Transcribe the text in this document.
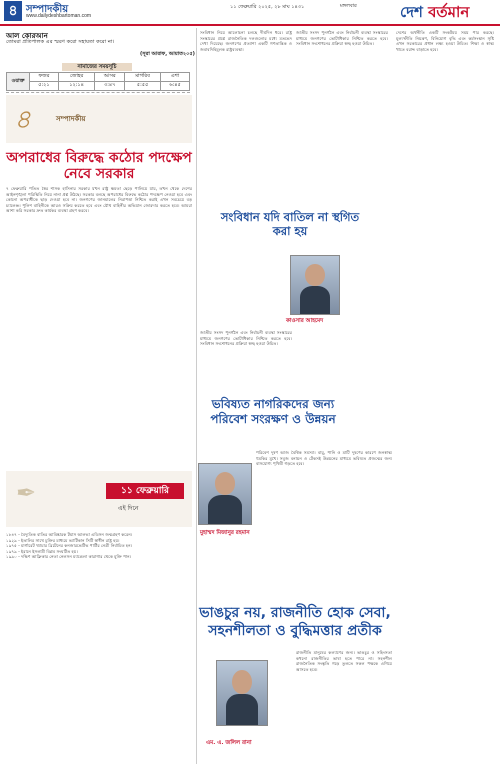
৪ সম্পাদকীয়
www.dailydeshbartoman.com
১১ ফেব্রুয়ারি ২০২৫, ২৮ মাঘ ১৪৩১	মঙ্গলবার	দেশ বর্তমান
আল কোরআন
তোমরা প্রতিপালক এর স্মরণ করো সহায়তা করো না।
(সূরা আরাফ, আয়াত২০৫)
নামাজের সময়সূচি
ওয়াক্ত	ফজর	জোহর	আসর	মাগরিব	এশা
	৫:২১	১২:১৪	৩:৪৭	৫:৫৫	৬:৪৫
৪	সম্পাদকীয়
অপরাধের বিরুদ্ধে কঠোর পদক্ষেপ নেবে সরকার
৭ ফেব্রুয়ারি পতিত স্বৈর শাসক হাসিনার সরকার যখন রাষ্ট্র ক্ষমতা ছেড়ে পালিয়ে যায়, তখন থেকে দেশের আইনশৃঙ্খলা পরিস্থিতি নিয়ে নানা প্রশ্ন উঠছে। সরকার বলছে অপরাধের বিরুদ্ধে কঠোর পদক্ষেপ নেওয়া হবে এবং কোনো অপরাধীকে ছাড় দেওয়া হবে না। জনগণের জানমালের নিরাপত্তা নিশ্চিত করাই এখন সবচেয়ে বড় চ্যালেঞ্জ। পুলিশ বাহিনীকে আরও সক্রিয় করতে হবে এবং যৌথ বাহিনীর অভিযান জোরদার করতে হবে। আমরা আশা করি সরকার দ্রুত কার্যকর ব্যবস্থা গ্রহণ করবে।
✒	১১ ফেব্রুয়ারি
এই দিনে
১৮৪৭ - বৈদ্যুতিক বাতির আবিষ্কারক টমাস আলভা এডিসন জন্মগ্রহণ করেন।
১৯২৯ - ইতালির সাথে চুক্তির মাধ্যমে ভ্যাটিকান সিটি স্বাধীন রাষ্ট্র হয়।
১৯৭৫ - মার্গারেট থ্যাচার ব্রিটেনের কনজারভেটিভ পার্টির নেত্রী নির্বাচিত হন।
১৯৭৯ - ইরানে ইসলামী বিপ্লব সংঘটিত হয়।
১৯৯০ - দক্ষিণ আফ্রিকার নেতা নেলসন ম্যান্ডেলা কারাগার থেকে মুক্তি পান।
সংবিধান নিয়ে আলোচনা চলছে দীর্ঘদিন ধরে। রাষ্ট্র সংস্কারের প্রশ্নে রাজনৈতিক দলগুলোর মধ্যে মতভেদ দেখা দিয়েছে। জনগণের প্রত্যাশা একটি গণতান্ত্রিক ও জবাবদিহিমূলক রাষ্ট্রব্যবস্থা।
জাতীয় সংসদ পুনর্গঠন এবং নির্বাচনী ব্যবস্থা সংস্কারের মাধ্যমে জনগণের ভোটাধিকার নিশ্চিত করতে হবে। সংবিধান সংশোধনের প্রক্রিয়া স্বচ্ছ হওয়া উচিত।
সংবিধান যদি বাতিল না স্থগিত করা হয়
কাওসার আহমেদ
জাতীয় সংসদ পুনর্গঠন এবং নির্বাচনী ব্যবস্থা সংস্কারের মাধ্যমে জনগণের ভোটাধিকার নিশ্চিত করতে হবে। সংবিধান সংশোধনের প্রক্রিয়া স্বচ্ছ হওয়া উচিত।
ভবিষ্যত নাগরিকদের জন্য পরিবেশ সংরক্ষণ ও উন্নয়ন
মুহাম্মদ মিজানুর রহমান
পরিবেশ দূষণ আজ বৈশ্বিক সমস্যা। বায়ু, পানি ও মাটি দূষণের কারণে জনস্বাস্থ্য হুমকির মুখে। সবুজ বনায়ন ও টেকসই উন্নয়নের মাধ্যমে ভবিষ্যত প্রজন্মের জন্য বাসযোগ্য পৃথিবী গড়তে হবে।
ভাঙচুর নয়, রাজনীতি হোক সেবা, সহনশীলতা ও বুদ্ধিমত্তার প্রতীক
এম. এ. জলিল রানা
রাজনীতি মানুষের কল্যাণের জন্য। ভাঙচুর ও সহিংসতা কখনো রাজনীতির ভাষা হতে পারে না। সহনশীল রাজনৈতিক সংস্কৃতি গড়ে তুলতে সকল পক্ষকে এগিয়ে আসতে হবে।
দেশের অর্থনীতি একটি সংকটময় সময় পার করছে। মূল্যস্ফীতি নিয়ন্ত্রণ, বিনিয়োগ বৃদ্ধি এবং কর্মসংস্থান সৃষ্টি এখন সরকারের প্রধান লক্ষ্য হওয়া উচিত। শিক্ষা ও স্বাস্থ্য খাতে বরাদ্দ বাড়াতে হবে।
